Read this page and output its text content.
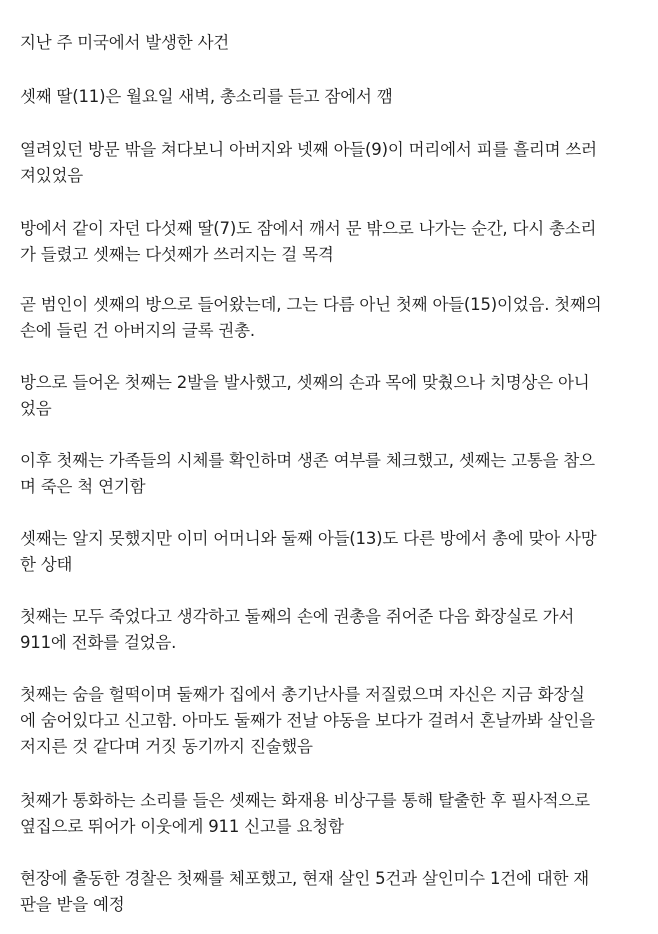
지난 주 미국에서 발생한 사건

셋째 딸(11)은 월요일 새벽, 총소리를 듣고 잠에서 깸

열려있던 방문 밖을 쳐다보니 아버지와 넷째 아들(9)이 머리에서 피를 흘리며 쓰러
져있었음

방에서 같이 자던 다섯째 딸(7)도 잠에서 깨서 문 밖으로 나가는 순간, 다시 총소리
가 들렸고 셋째는 다섯째가 쓰러지는 걸 목격

곧 범인이 셋째의 방으로 들어왔는데, 그는 다름 아닌 첫째 아들(15)이었음. 첫째의
손에 들린 건 아버지의 글록 권총.

방으로 들어온 첫째는 2발을 발사했고, 셋째의 손과 목에 맞췄으나 치명상은 아니
었음

이후 첫째는 가족들의 시체를 확인하며 생존 여부를 체크했고, 셋째는 고통을 참으
며 죽은 척 연기함

셋째는 알지 못했지만 이미 어머니와 둘째 아들(13)도 다른 방에서 총에 맞아 사망
한 상태

첫째는 모두 죽었다고 생각하고 둘째의 손에 권총을 쥐어준 다음 화장실로 가서
911에 전화를 걸었음.

첫째는 숨을 헐떡이며 둘째가 집에서 총기난사를 저질렀으며 자신은 지금 화장실
에 숨어있다고 신고함. 아마도 둘째가 전날 야동을 보다가 걸려서 혼날까봐 살인을
저지른 것 같다며 거짓 동기까지 진술했음

첫째가 통화하는 소리를 들은 셋째는 화재용 비상구를 통해 탈출한 후 필사적으로
옆집으로 뛰어가 이웃에게 911 신고를 요청함

현장에 출동한 경찰은 첫째를 체포했고, 현재 살인 5건과 살인미수 1건에 대한 재
판을 받을 예정
